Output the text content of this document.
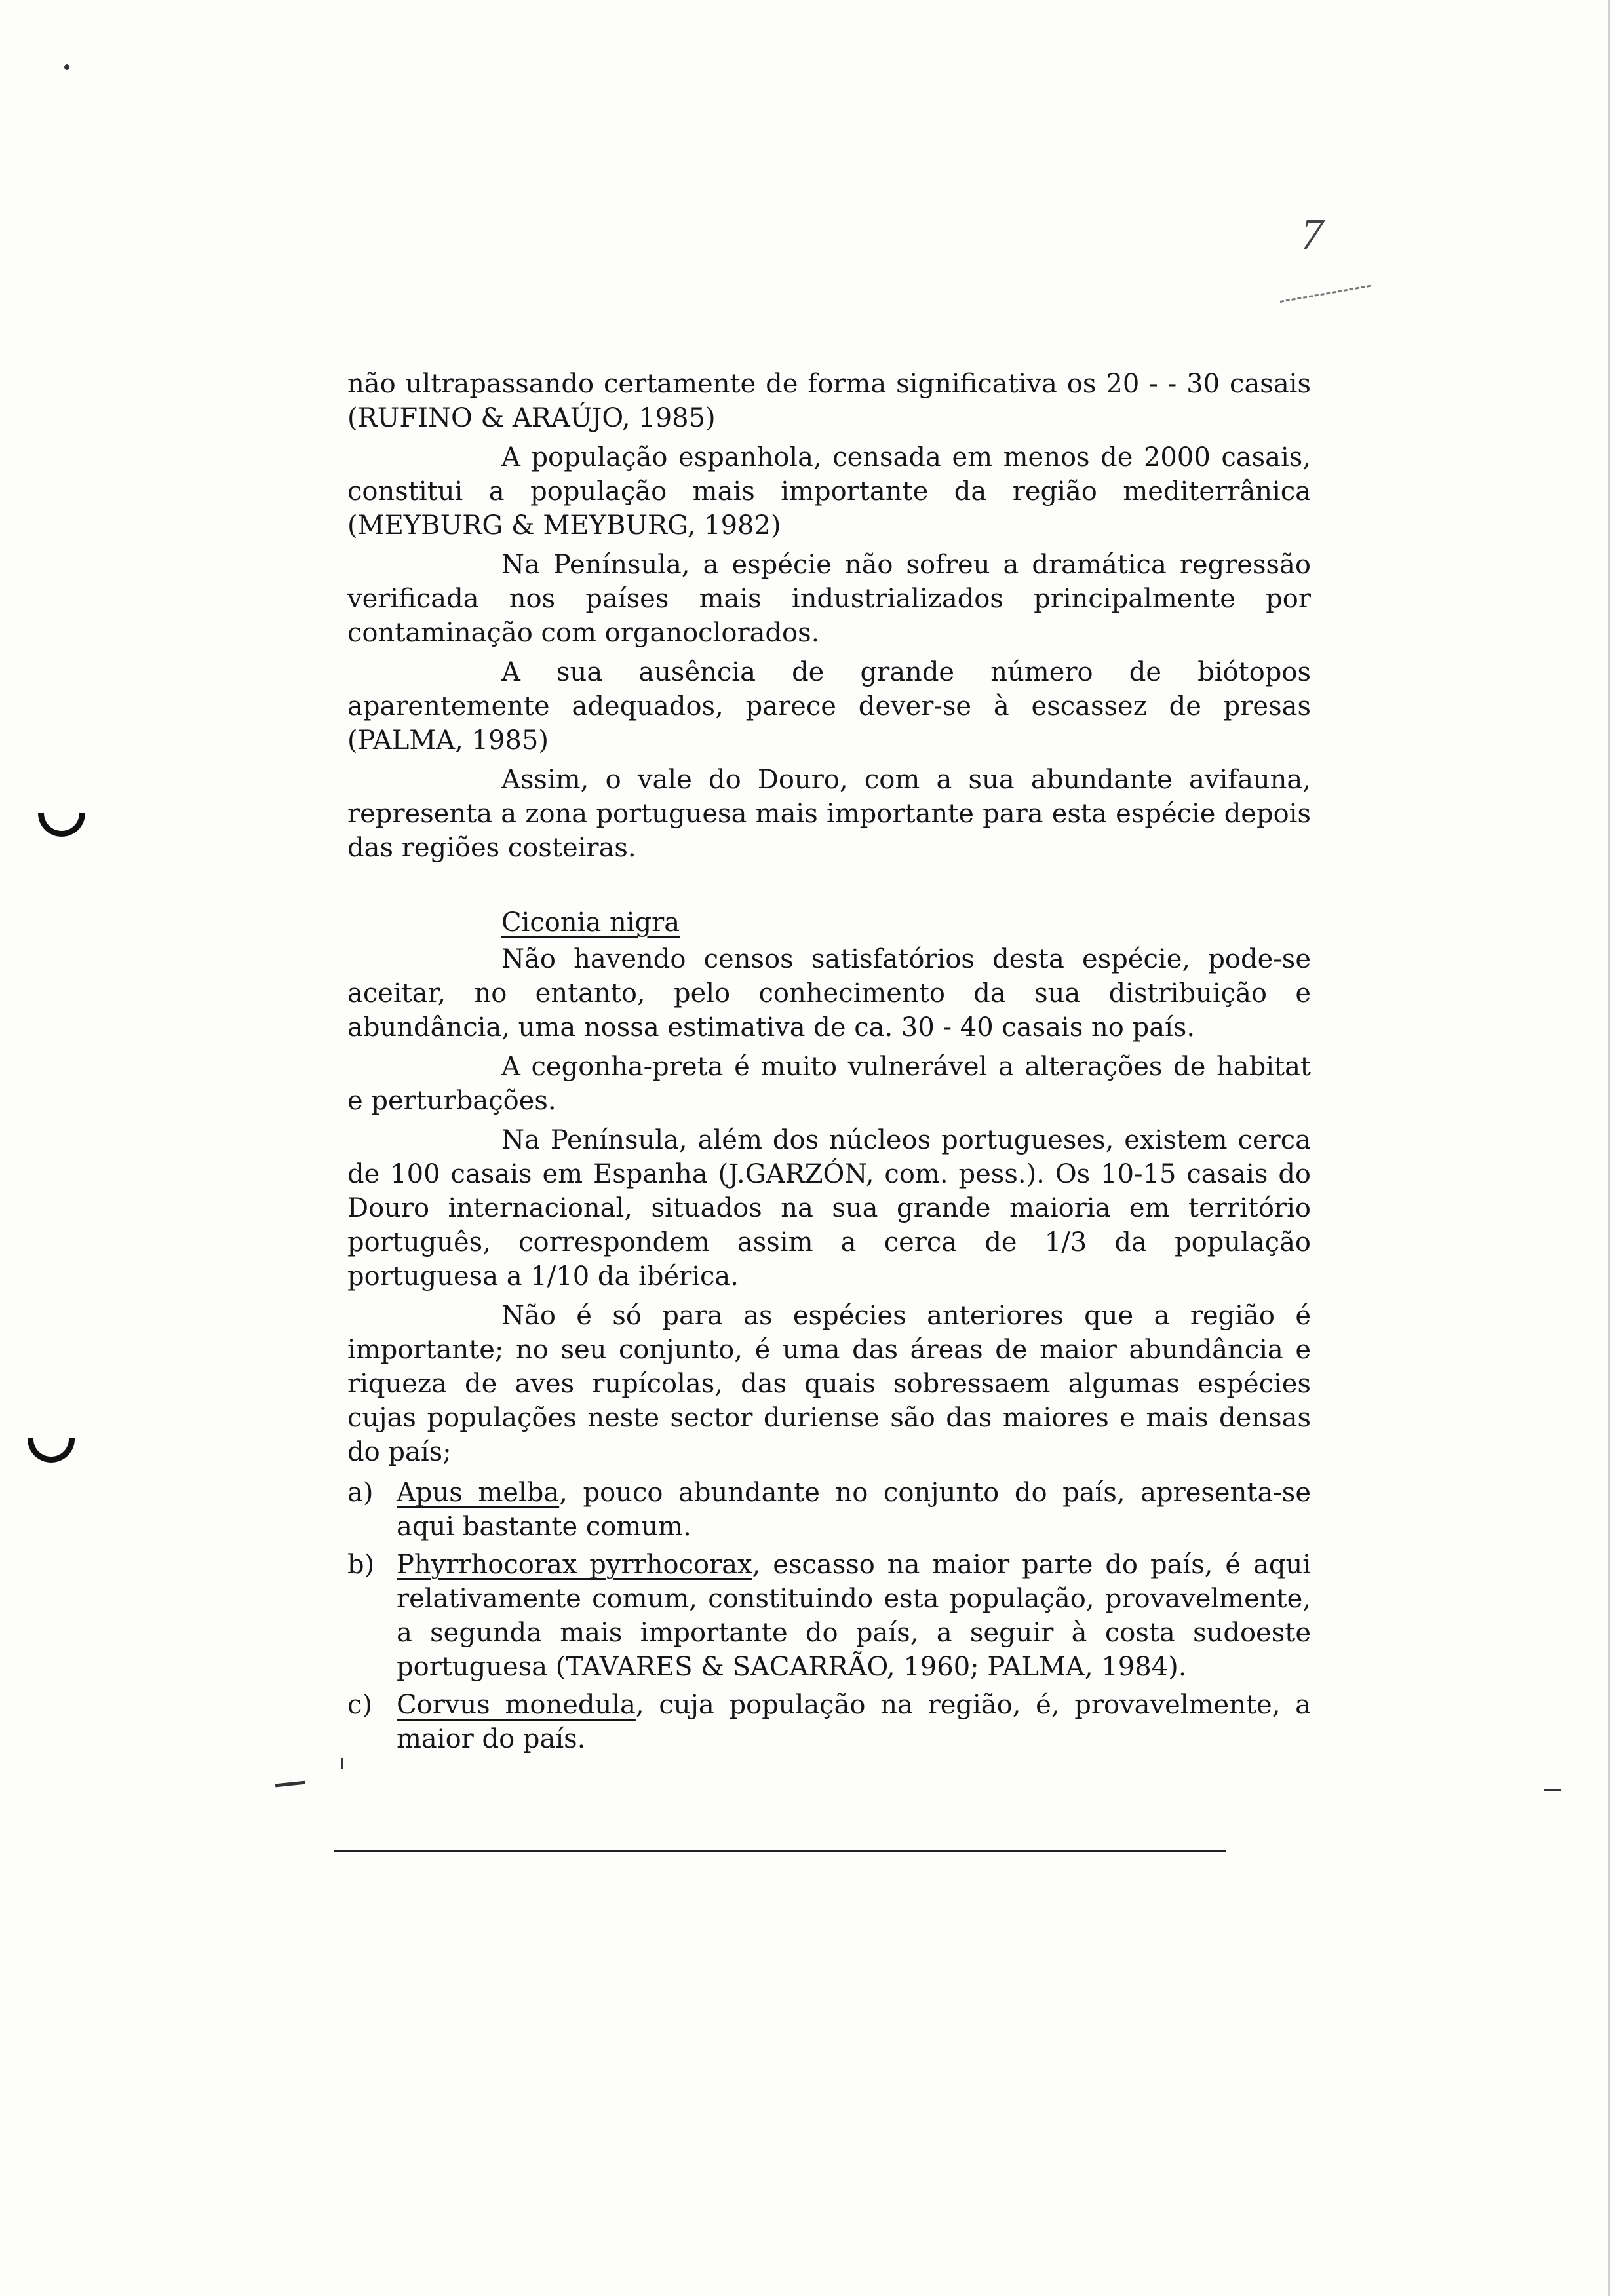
7

não ultrapassando certamente de forma significativa os 20 - - 30 casais (RUFINO & ARAÚJO, 1985)

A população espanhola, censada em menos de 2000 casais, constitui a população mais importante da região mediterrânica (MEYBURG & MEYBURG, 1982)

Na Península, a espécie não sofreu a dramática regressão verificada nos países mais industrializados principalmente por contaminação com organoclorados.

A sua ausência de grande número de biótopos aparentemente adequados, parece dever-se à escassez de presas (PALMA, 1985)

Assim, o vale do Douro, com a sua abundante avifauna, representa a zona portuguesa mais importante para esta espécie depois das regiões costeiras.

Ciconia nigra

Não havendo censos satisfatórios desta espécie, pode-se aceitar, no entanto, pelo conhecimento da sua distribuição e abundância, uma nossa estimativa de ca. 30 - 40 casais no país.

A cegonha-preta é muito vulnerável a alterações de habitat e perturbações.

Na Península, além dos núcleos portugueses, existem cerca de 100 casais em Espanha (J.GARZÓN, com. pess.). Os 10-15 casais do Douro internacional, situados na sua grande maioria em território português, correspondem assim a cerca de 1/3 da população portuguesa a 1/10 da ibérica.

Não é só para as espécies anteriores que a região é importante; no seu conjunto, é uma das áreas de maior abundância e riqueza de aves rupícolas, das quais sobressaem algumas espécies cujas populações neste sector duriense são das maiores e mais densas do país;

a) Apus melba, pouco abundante no conjunto do país, apresenta-se aqui bastante comum.
b) Phyrrhocorax pyrrhocorax, escasso na maior parte do país, é aqui relativamente comum, constituindo esta população, provavelmente, a segunda mais importante do país, a seguir à costa sudoeste portuguesa (TAVARES & SACARRÃO, 1960; PALMA, 1984).
c) Corvus monedula, cuja população na região, é, provavelmente, a maior do país.
